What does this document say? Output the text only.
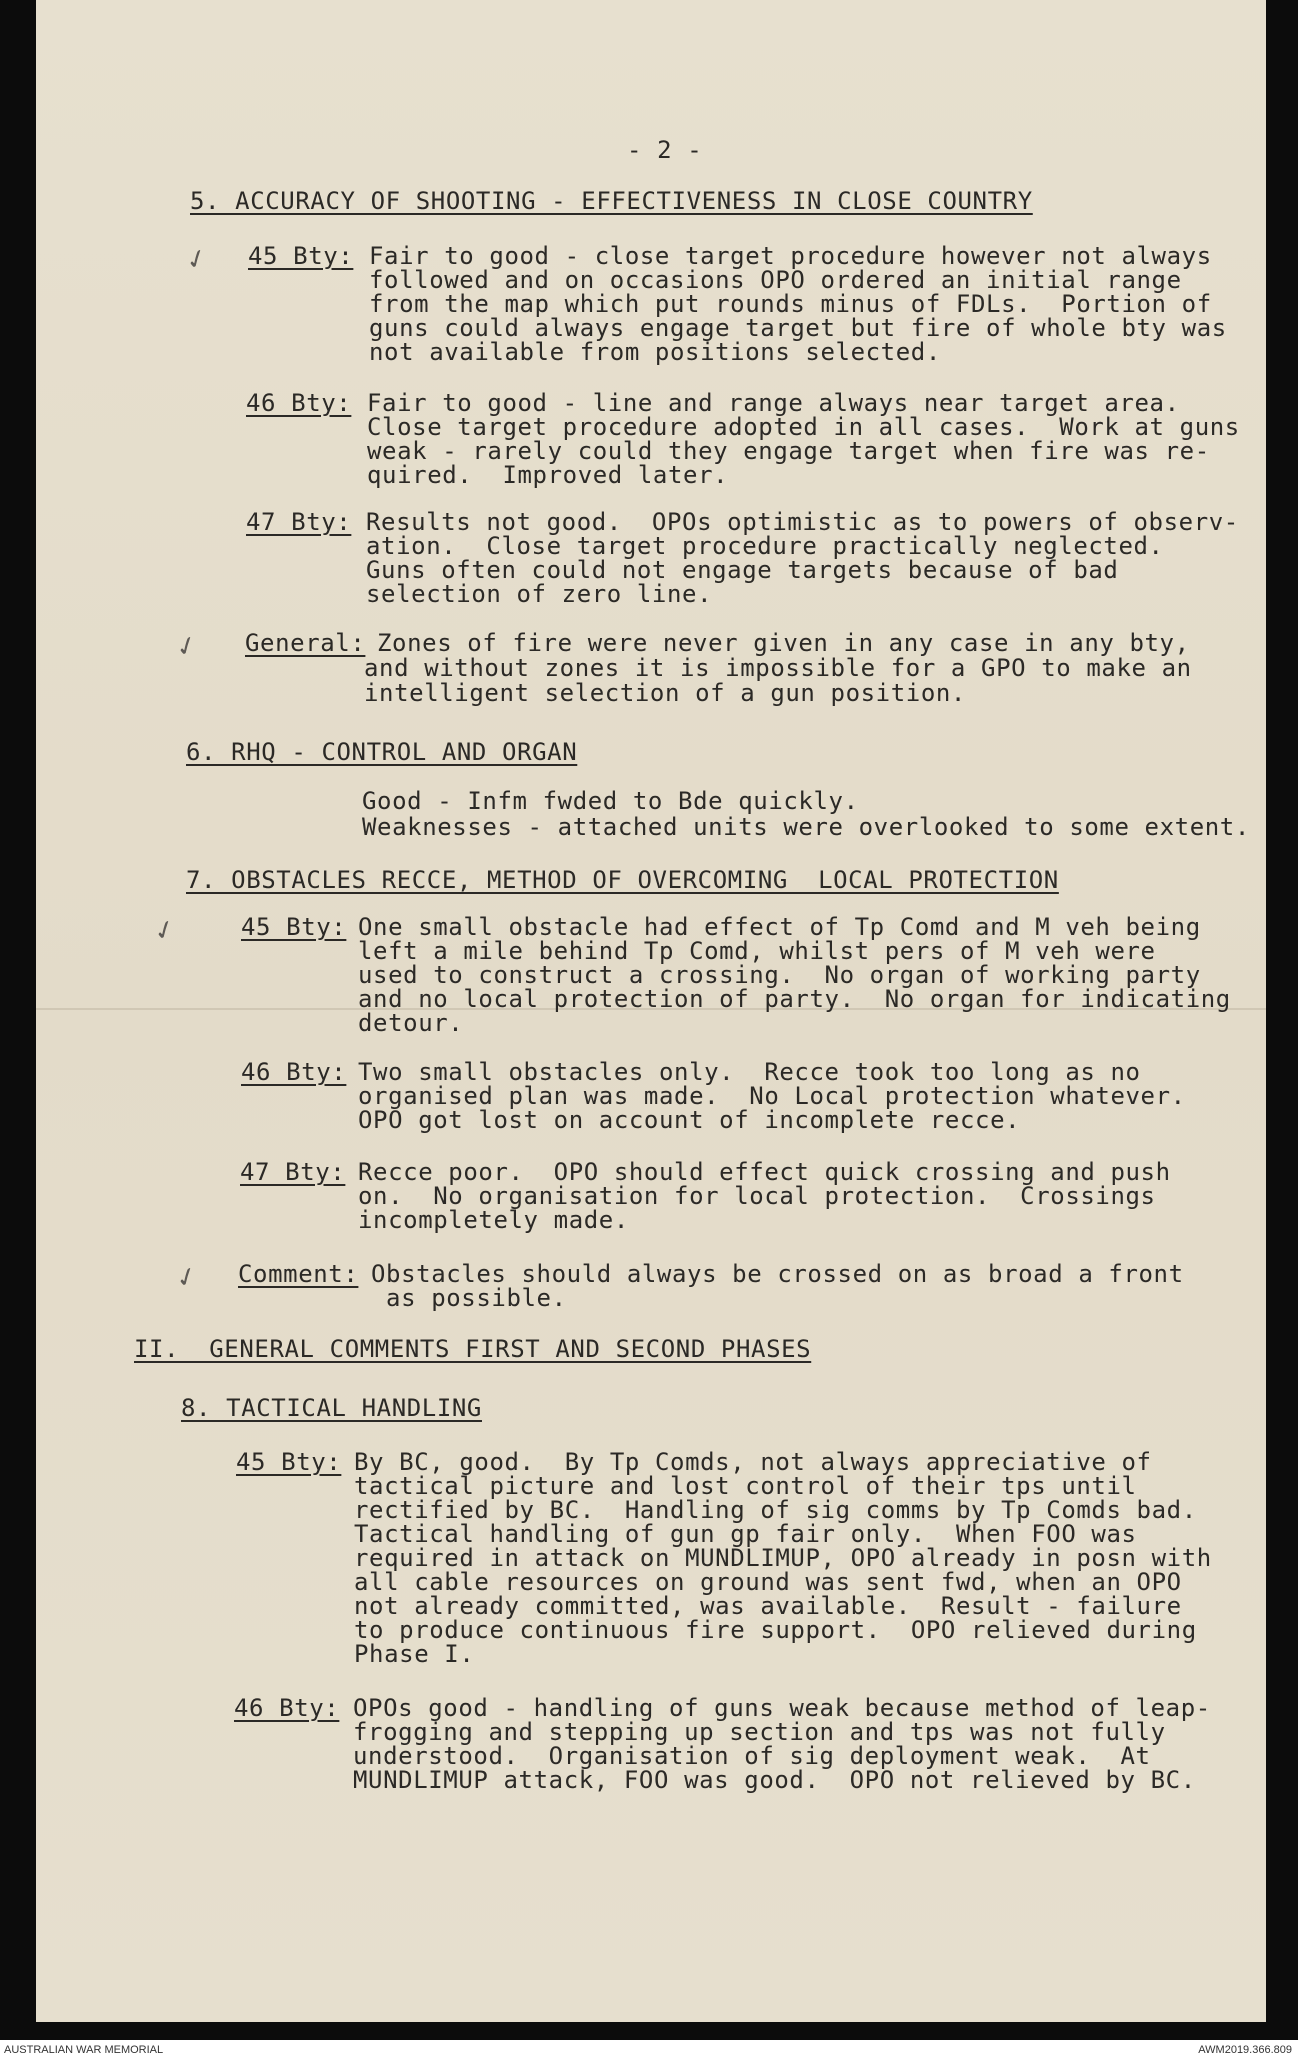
- 2 -

5. ACCURACY OF SHOOTING - EFFECTIVENESS IN CLOSE COUNTRY

✓ 45 Bty: Fair to good - close target procedure however not always

followed and on occasions OPO ordered an initial range

from the map which put rounds minus of FDLs.  Portion of

guns could always engage target but fire of whole bty was

not available from positions selected.

46 Bty: Fair to good - line and range always near target area.

Close target procedure adopted in all cases.  Work at guns

weak - rarely could they engage target when fire was re-

quired.  Improved later.

47 Bty: Results not good.  OPOs optimistic as to powers of observ-

ation.  Close target procedure practically neglected.

Guns often could not engage targets because of bad

selection of zero line.

✓ General: Zones of fire were never given in any case in any bty,

and without zones it is impossible for a GPO to make an

intelligent selection of a gun position.

6. RHQ - CONTROL AND ORGAN

Good - Infm fwded to Bde quickly.

Weaknesses - attached units were overlooked to some extent.

7. OBSTACLES RECCE, METHOD OF OVERCOMING  LOCAL PROTECTION

✓	45 Bty: One small obstacle had effect of Tp Comd and M veh being

left a mile behind Tp Comd, whilst pers of M veh were

used to construct a crossing.  No organ of working party

and no local protection of party.  No organ for indicating

detour.

46 Bty: Two small obstacles only.  Recce took too long as no

organised plan was made.  No Local protection whatever.

OPO got lost on account of incomplete recce.

47 Bty: Recce poor.  OPO should effect quick crossing and push

on.  No organisation for local protection.  Crossings

incompletely made.

✓ Comment: Obstacles should always be crossed on as broad a front

as possible.

II.  GENERAL COMMENTS FIRST AND SECOND PHASES

8. TACTICAL HANDLING

45 Bty: By BC, good.  By Tp Comds, not always appreciative of

tactical picture and lost control of their tps until

rectified by BC.  Handling of sig comms by Tp Comds bad.

Tactical handling of gun gp fair only.  When FOO was

required in attack on MUNDLIMUP, OPO already in posn with

all cable resources on ground was sent fwd, when an OPO

not already committed, was available.  Result - failure

to produce continuous fire support.  OPO relieved during

Phase I.

46 Bty: OPOs good - handling of guns weak because method of leap-

frogging and stepping up section and tps was not fully

understood.  Organisation of sig deployment weak.  At

MUNDLIMUP attack, FOO was good.  OPO not relieved by BC.

AUSTRALIAN WAR MEMORIAL	AWM2019.366.809
